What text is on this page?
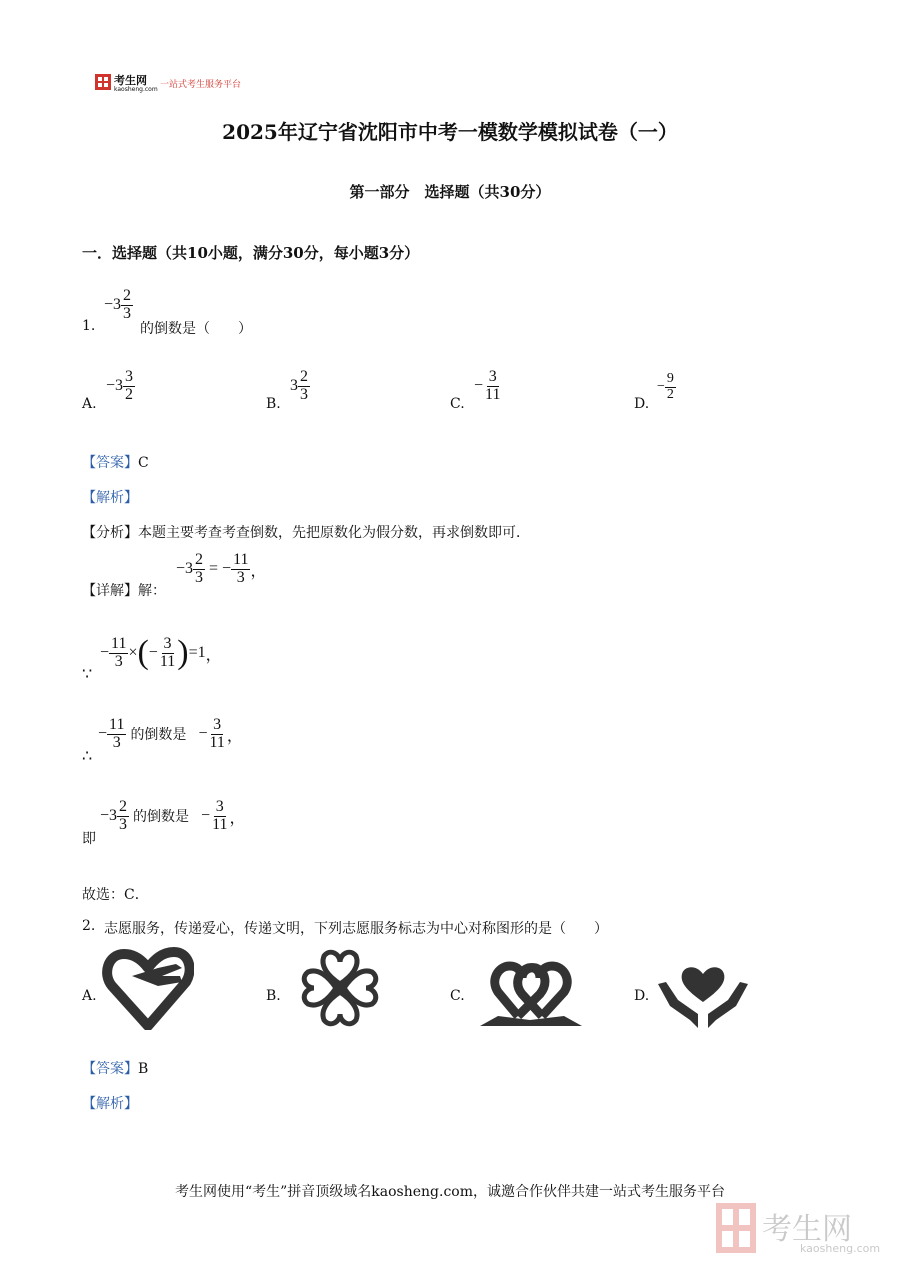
考生网
kaosheng.com 一站式考生服务平台
2025年辽宁省沈阳市中考一模数学模拟试卷（一）
第一部分　选择题（共30分）
一．选择题（共10小题，满分30分，每小题3分）
1.
$-3 \frac{2}{3}$
的倒数是（　　）
A.
$-3 \frac{3}{2}$
B.
$3 \frac{2}{3}$
C.
− $\frac{3}{11}$
D.
− $\frac{9}{2}$
【答案】C
【解析】
【分析】本题主要考查考查倒数，先把原数化为假分数，再求倒数即可．
【详解】解：
$-3 \frac{2}{3}$ = − $\frac{11}{3}$ ，
∵
− $\frac{11}{3}$ × ( − $\frac{3}{11}$ ) =1 ，
∴
− $\frac{11}{3}$ 的倒数是 − $\frac{3}{11}$ ，
即
$-3 \frac{2}{3}$ 的倒数是 − $\frac{3}{11}$ ，
故选：C．
2. 志愿服务，传递爱心，传递文明，下列志愿服务标志为中心对称图形的是（　　）
A.	B.	C.	D.
【答案】B
【解析】
考生网使用“考生”拼音顶级域名kaosheng.com，诚邀合作伙伴共建一站式考生服务平台
考生网
kaosheng.com
